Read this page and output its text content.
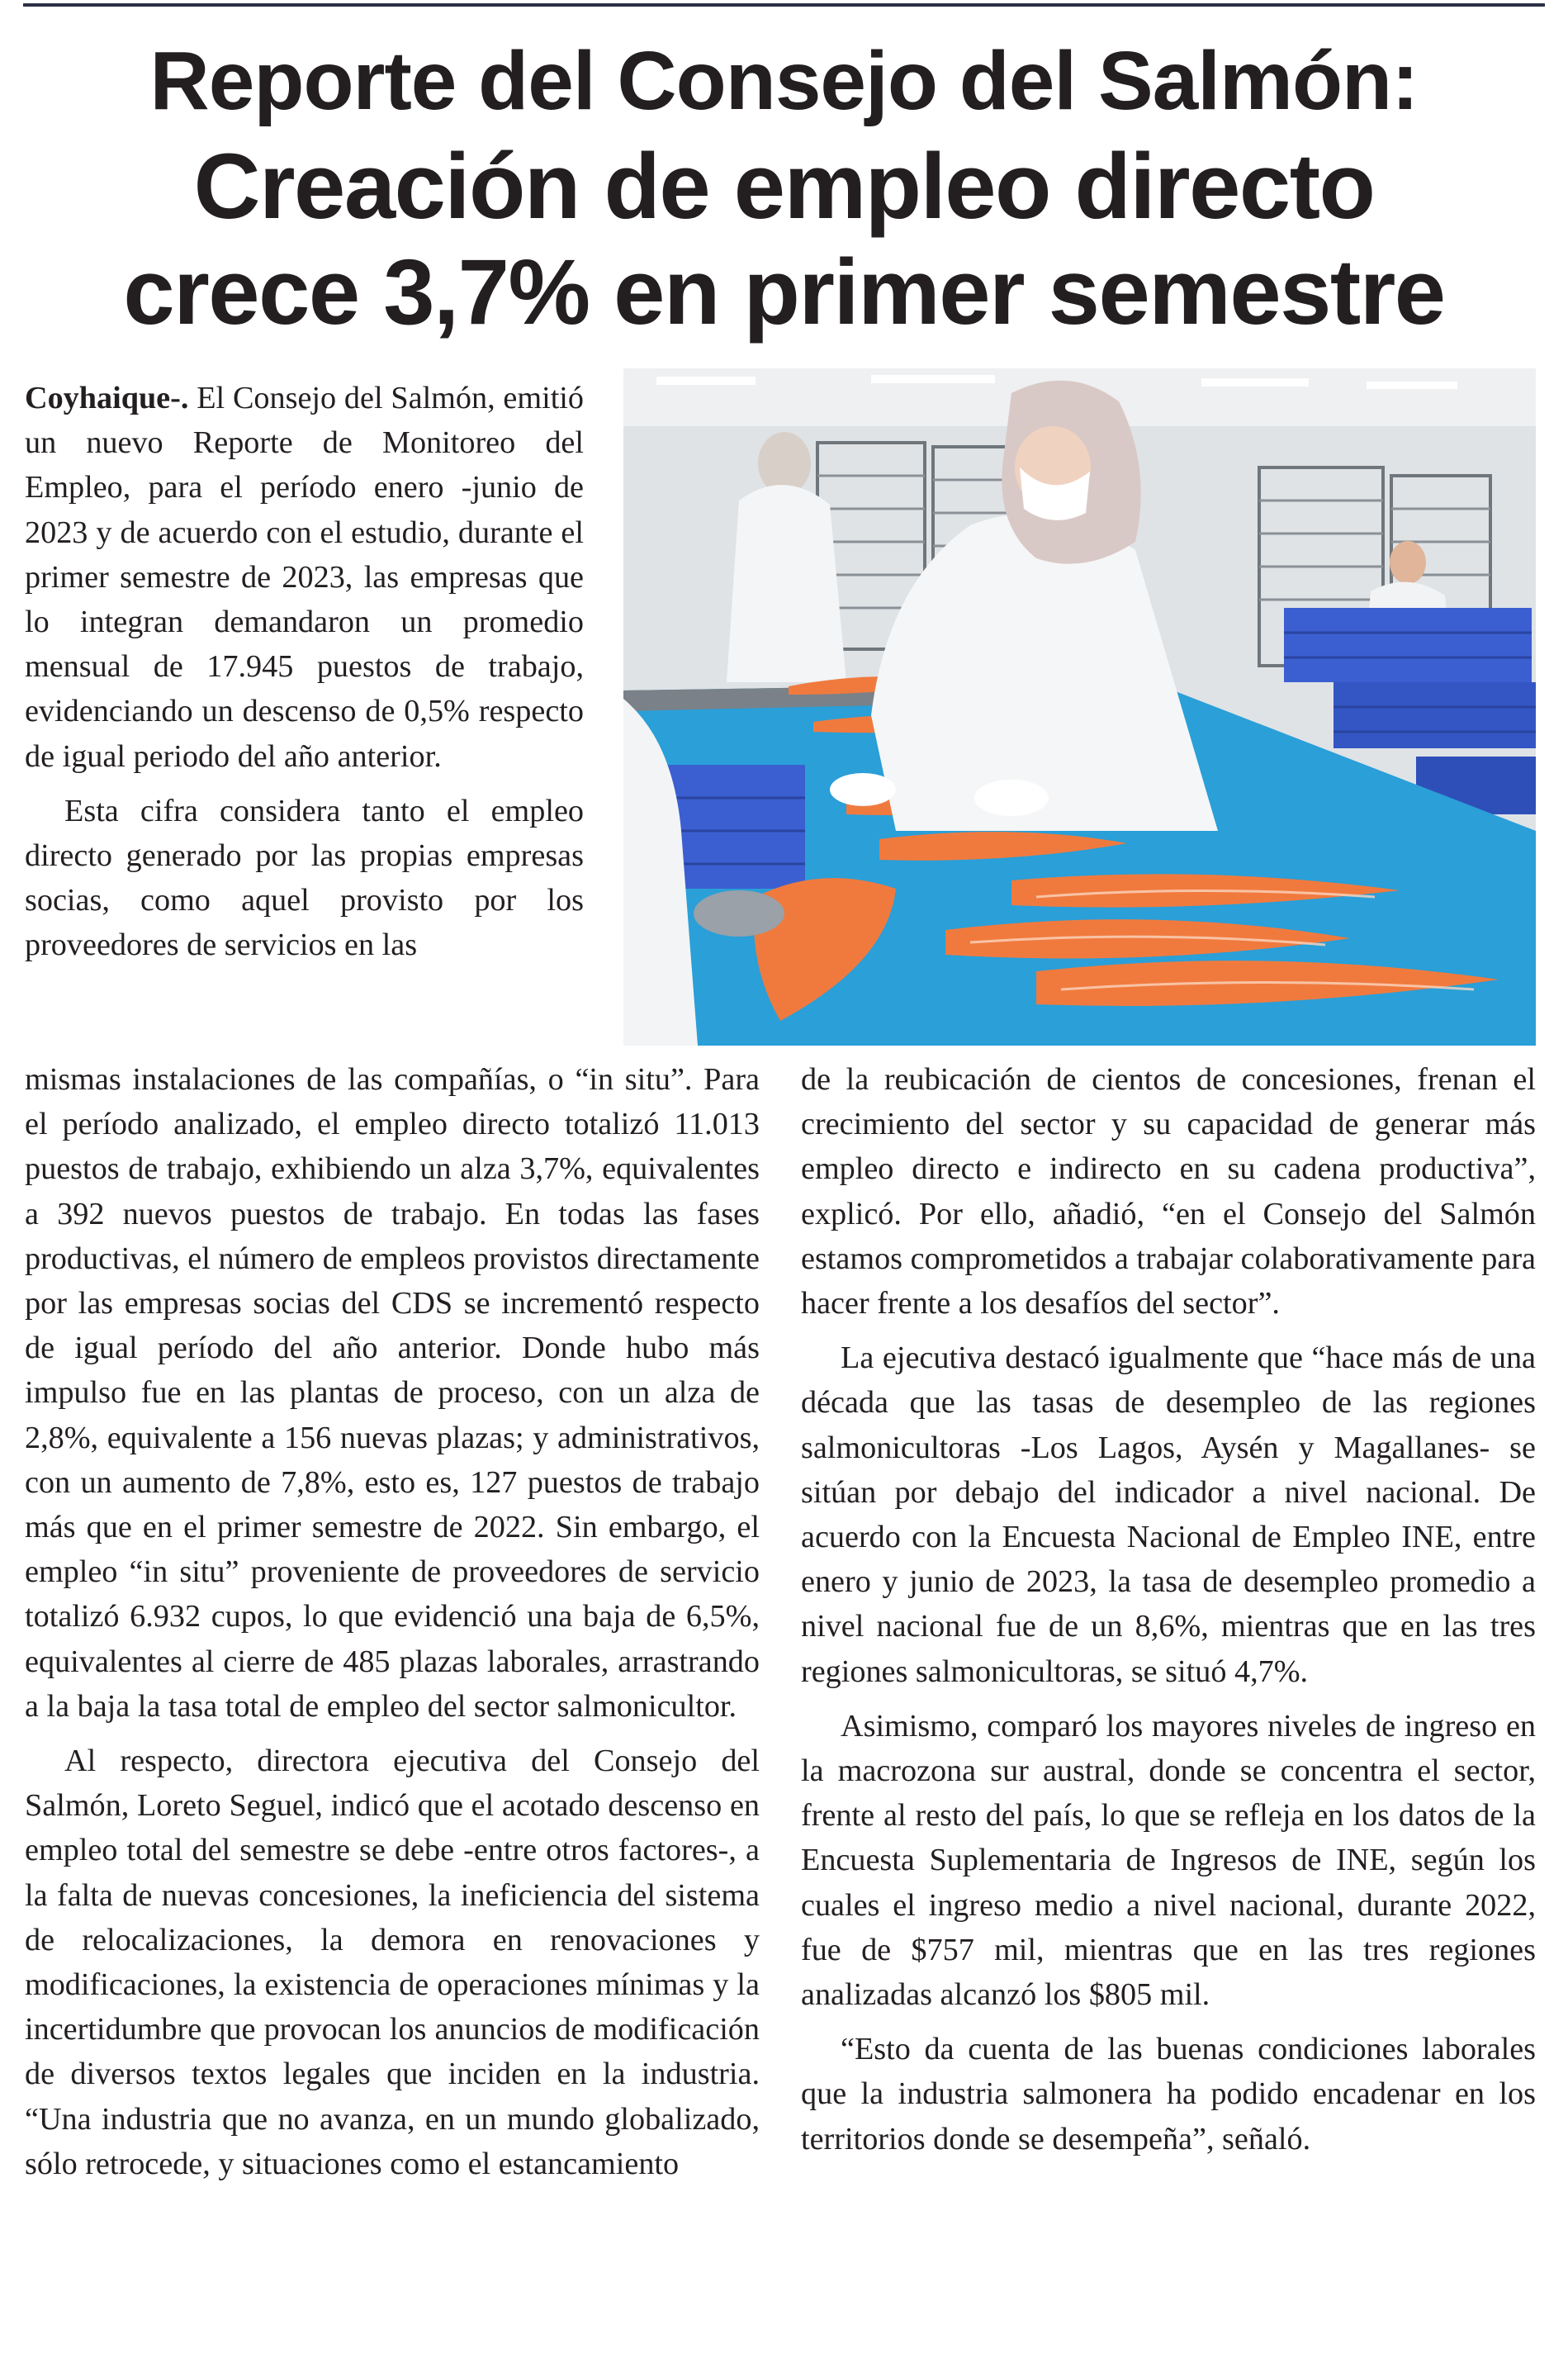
Reporte del Consejo del Salmón:
Creación de empleo directo
crece 3,7% en primer semestre

Coyhaique-. El Consejo del Salmón, emitió un nuevo Reporte de Monitoreo del Empleo, para el período enero -junio de 2023 y de acuerdo con el estudio, durante el primer semestre de 2023, las empresas que lo integran demandaron un promedio mensual de 17.945 puestos de trabajo, evidenciando un descenso de 0,5% respecto de igual periodo del año anterior.

Esta cifra considera tanto el empleo directo generado por las propias empresas socias, como aquel provisto por los proveedores de servicios en las

mismas instalaciones de las compañías, o “in situ”. Para el período analizado, el empleo directo totalizó 11.013 puestos de trabajo, exhibiendo un alza 3,7%, equivalentes a 392 nuevos puestos de trabajo. En todas las fases productivas, el número de empleos provistos directamente por las empresas socias del CDS se incrementó respecto de igual período del año anterior. Donde hubo más impulso fue en las plantas de proceso, con un alza de 2,8%, equivalente a 156 nuevas plazas; y administrativos, con un aumento de 7,8%, esto es, 127 puestos de trabajo más que en el primer semestre de 2022. Sin embargo, el empleo “in situ” proveniente de proveedores de servicio totalizó 6.932 cupos, lo que evidenció una baja de 6,5%, equivalentes al cierre de 485 plazas laborales, arrastrando a la baja la tasa total de empleo del sector salmonicultor.

Al respecto, directora ejecutiva del Consejo del Salmón, Loreto Seguel, indicó que el acotado descenso en empleo total del semestre se debe -entre otros factores-, a la falta de nuevas concesiones, la ineficiencia del sistema de relocalizaciones, la demora en renovaciones y modificaciones, la existencia de operaciones mínimas y la incertidumbre que provocan los anuncios de modificación de diversos textos legales que inciden en la industria. “Una industria que no avanza, en un mundo globalizado, sólo retrocede, y situaciones como el estancamiento

de la reubicación de cientos de concesiones, frenan el crecimiento del sector y su capacidad de generar más empleo directo e indirecto en su cadena productiva”, explicó. Por ello, añadió, “en el Consejo del Salmón estamos comprometidos a trabajar colaborativamente para hacer frente a los desafíos del sector”.

La ejecutiva destacó igualmente que “hace más de una década que las tasas de desempleo de las regiones salmonicultoras -Los Lagos, Aysén y Magallanes- se sitúan por debajo del indicador a nivel nacional. De acuerdo con la Encuesta Nacional de Empleo INE, entre enero y junio de 2023, la tasa de desempleo promedio a nivel nacional fue de un 8,6%, mientras que en las tres regiones salmonicultoras, se situó 4,7%.

Asimismo, comparó los mayores niveles de ingreso en la macrozona sur austral, donde se concentra el sector, frente al resto del país, lo que se refleja en los datos de la Encuesta Suplementaria de Ingresos de INE, según los cuales el ingreso medio a nivel nacional, durante 2022, fue de $757 mil, mientras que en las tres regiones analizadas alcanzó los $805 mil.

“Esto da cuenta de las buenas condiciones laborales que la industria salmonera ha podido encadenar en los territorios donde se desempeña”, señaló.
